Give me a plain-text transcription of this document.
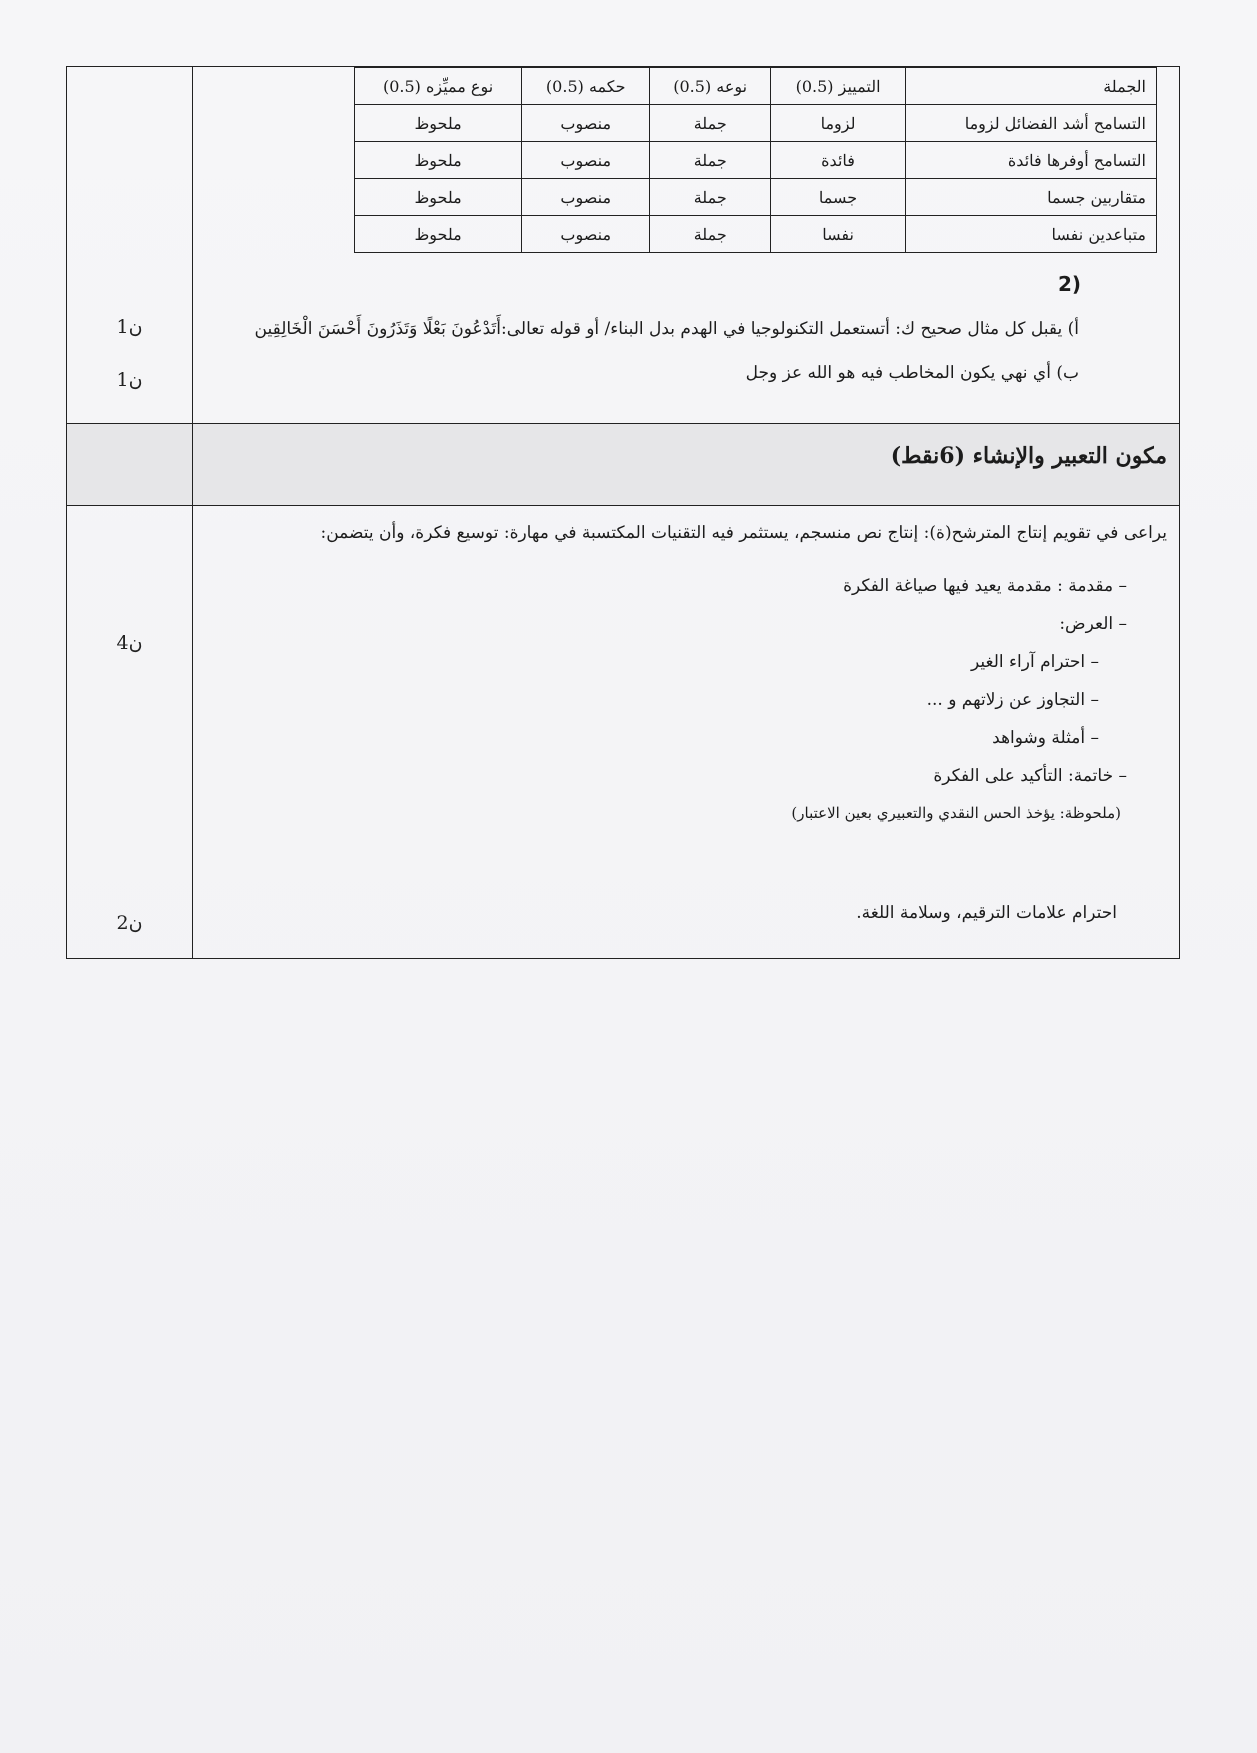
1ن
1ن
4ن
2ن
الجملة	التمييز (0.5)	نوعه (0.5)	حكمه (0.5)	نوع مميِّزه (0.5)
التسامح أشد الفضائل لزوما	لزوما	جملة	منصوب	ملحوظ
التسامح أوفرها فائدة	فائدة	جملة	منصوب	ملحوظ
متقاربين جسما	جسما	جملة	منصوب	ملحوظ
متباعدين نفسا	نفسا	جملة	منصوب	ملحوظ
(2
أ) يقبل كل مثال صحيح ك: أتستعمل التكنولوجيا في الهدم بدل البناء/ أو قوله تعالى:أَتَدْعُونَ بَعْلًا وَتَذَرُونَ أَحْسَنَ الْخَالِقِين
ب) أي نهي يكون المخاطب فيه هو الله عز وجل
مكون التعبير والإنشاء (6نقط)
يراعى في تقويم إنتاج المترشح(ة): إنتاج نص منسجم، يستثمر فيه التقنيات المكتسبة في مهارة: توسيع فكرة، وأن يتضمن:
– مقدمة : مقدمة يعيد فيها صياغة الفكرة
– العرض:
– احترام آراء الغير
– التجاوز عن زلاتهم و ...
– أمثلة وشواهد
– خاتمة: التأكيد على الفكرة
(ملحوظة: يؤخذ الحس النقدي والتعبيري بعين الاعتبار)
احترام علامات الترقيم، وسلامة اللغة.
